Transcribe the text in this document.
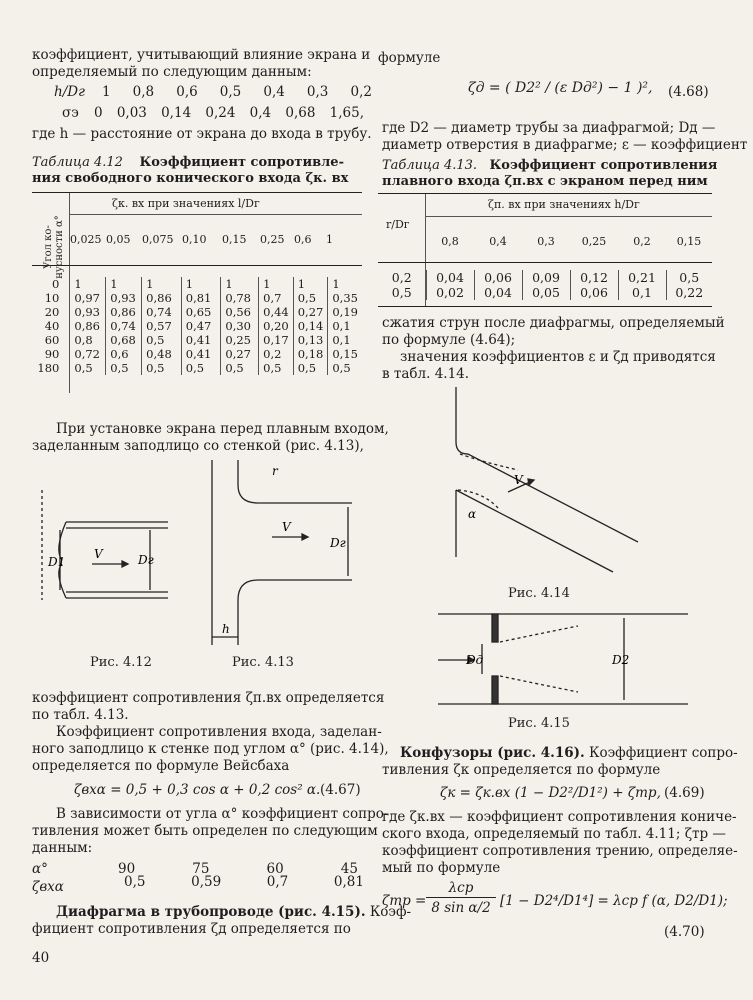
коэффициент, учитывающий влияние экрана и
определяемый по следующим данным:
h/Dг 1 0,8 0,6 0,5 0,4 0,3 0,2
σэ 0 0,03 0,14 0,24 0,4 0,68 1,65,
где h — расстояние от экрана до входа в трубу.
Таблица 4.12 Коэффициент сопротивле-
ния свободного конического входа ζк. вх
ζк. вх при значениях l/Dг
Угол ко-нусности α° 0,025 0,05	0,075 0,10	0,15	0,25 0,6	1
0	1	1	1	1	1	1	1	1
10	0,97	0,93	0,86	0,81	0,78	0,7	0,5	0,35
20	0,93	0,86	0,74	0,65	0,56	0,44	0,27	0,19
40	0,86	0,74	0,57	0,47	0,30	0,20	0,14	0,1
60	0,8	0,68	0,5	0,41	0,25	0,17	0,13	0,1
90	0,72	0,6	0,48	0,41	0,27	0,2	0,18	0,15
180	0,5	0,5	0,5	0,5	0,5	0,5	0,5	0,5
При установке экрана перед плавным входом,
заделанным заподлицо со стенкой (рис. 4.13),
D1	Dг
V
r
V
Dг
h
Рис. 4.12	Рис. 4.13
коэффициент сопротивления ζп.вх определяется
по табл. 4.13.
Коэффициент сопротивления входа, заделан-
ного заподлицо к стенке под углом α° (рис. 4.14),
определяется по формуле Вейсбаха
ζвхα = 0,5 + 0,3 cos α + 0,2 cos² α. (4.67)
В зависимости от угла α° коэффициент сопро-
тивления может быть определен по следующим
данным:
α°	90	75	60	45
ζвхα	0,5	0,59	0,7	0,81
Диафрагма в трубопроводе (рис. 4.15). Коэф-
фициент сопротивления ζд определяется по
40
формуле
ζд = ( D2² / (ε Dд²) − 1 )², (4.68)
где D2 — диаметр трубы за диафрагмой; Dд —
диаметр отверстия в диафрагме; ε — коэффициент
Таблица 4.13. Коэффициент сопротивления
плавного входа ζп.вх с экраном перед ним
ζп. вх при значениях h/Dг
r/Dг
0,8	0,4	0,3	0,25	0,2	0,15
0,2	0,04	0,06	0,09	0,12	0,21	0,5
0,5	0,02	0,04	0,05	0,06	0,1	0,22
сжатия струн после диафрагмы, определяемый
по формуле (4.64);
значения коэффициентов ε и ζд приводятся
в табл. 4.14.
V
α
Рис. 4.14
Dд	D2
Рис. 4.15
Конфузоры (рис. 4.16). Коэффициент сопро-
тивления ζк определяется по формуле
ζк = ζк.вх (1 − D2²/D1²) + ζтр, (4.69)
где ζк.вх — коэффициент сопротивления кониче-
ского входа, определяемый по табл. 4.11; ζтр —
коэффициент сопротивления трению, определяе-
мый по формуле
ζтр =
λср
8 sin α/2 [1 − D2⁴/D1⁴] = λср f (α, D2/D1);
(4.70)
